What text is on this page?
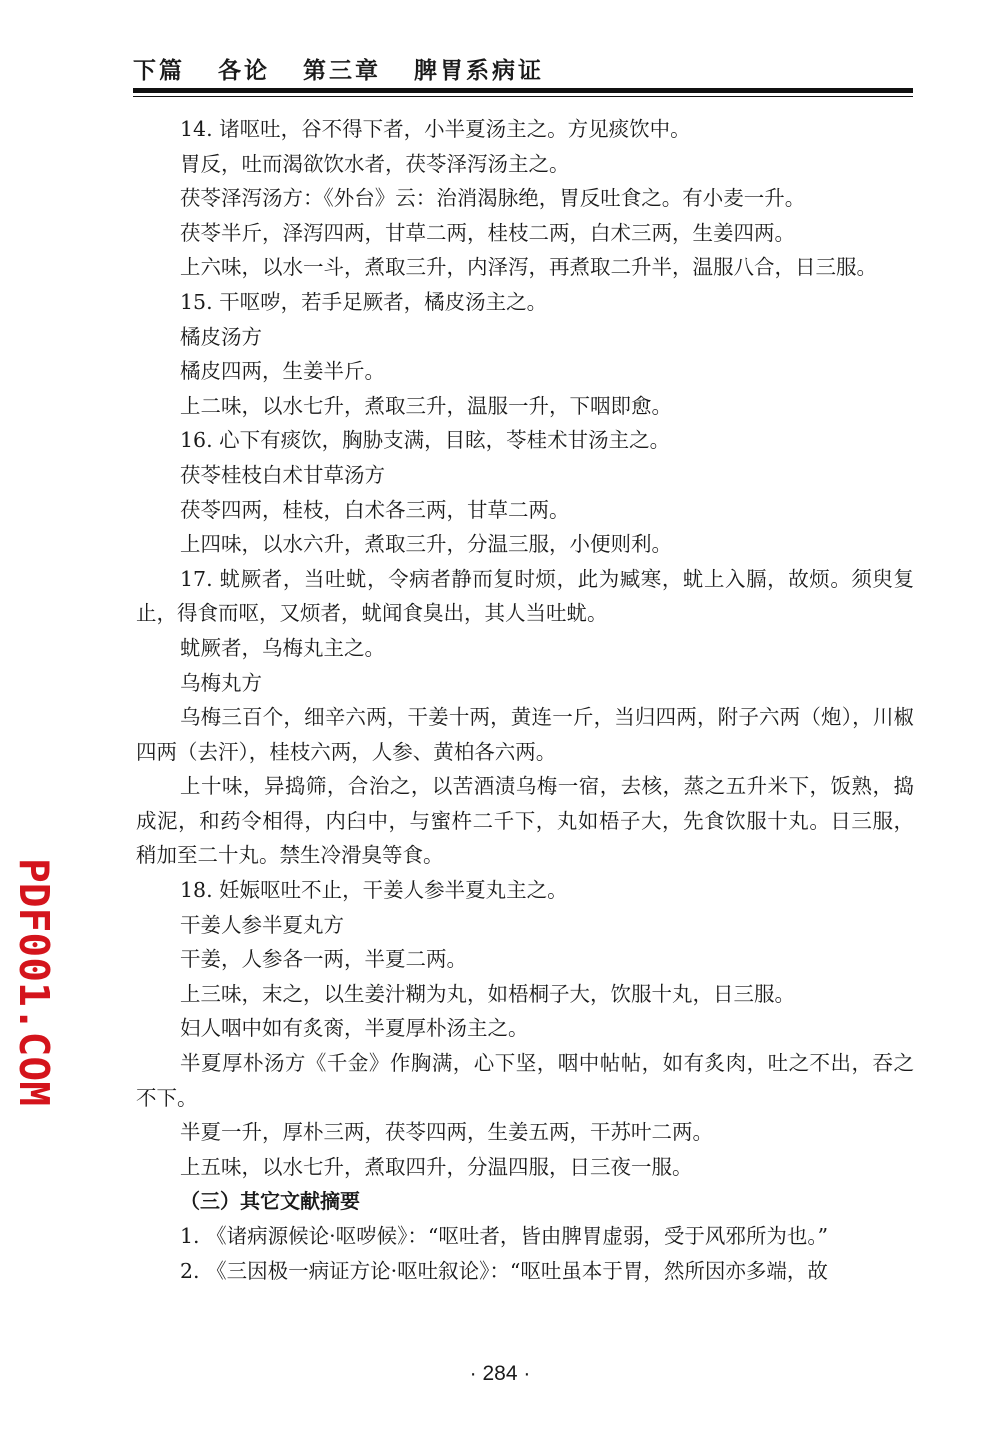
下篇 各论 第三章 脾胃系病证

14. 诸呕吐，谷不得下者，小半夏汤主之。方见痰饮中。

胃反，吐而渴欲饮水者，茯苓泽泻汤主之。

茯苓泽泻汤方：《外台》云：治消渴脉绝，胃反吐食之。有小麦一升。

茯苓半斤，泽泻四两，甘草二两，桂枝二两，白术三两，生姜四两。

上六味，以水一斗，煮取三升，内泽泻，再煮取二升半，温服八合，日三服。

15. 干呕哕，若手足厥者，橘皮汤主之。

橘皮汤方

橘皮四两，生姜半斤。

上二味，以水七升，煮取三升，温服一升，下咽即愈。

16. 心下有痰饮，胸胁支满，目眩，苓桂术甘汤主之。

茯苓桂枝白术甘草汤方

茯苓四两，桂枝，白术各三两，甘草二两。

上四味，以水六升，煮取三升，分温三服，小便则利。

17. 蚘厥者，当吐蚘，令病者静而复时烦，此为臧寒，蚘上入膈，故烦。须臾复止，得食而呕，又烦者，蚘闻食臭出，其人当吐蚘。

蚘厥者，乌梅丸主之。

乌梅丸方

乌梅三百个，细辛六两，干姜十两，黄连一斤，当归四两，附子六两（炮），川椒四两（去汗），桂枝六两，人参、黄柏各六两。

上十味，异捣筛，合治之，以苦酒渍乌梅一宿，去核，蒸之五升米下，饭熟，捣成泥，和药令相得，内臼中，与蜜杵二千下，丸如梧子大，先食饮服十丸。日三服，稍加至二十丸。禁生冷滑臭等食。

18. 妊娠呕吐不止，干姜人参半夏丸主之。

干姜人参半夏丸方

干姜，人参各一两，半夏二两。

上三味，末之，以生姜汁糊为丸，如梧桐子大，饮服十丸，日三服。

妇人咽中如有炙脔，半夏厚朴汤主之。

半夏厚朴汤方《千金》作胸满，心下坚，咽中帖帖，如有炙肉，吐之不出，吞之不下。

半夏一升，厚朴三两，茯苓四两，生姜五两，干苏叶二两。

上五味，以水七升，煮取四升，分温四服，日三夜一服。

（三）其它文献摘要

1. 《诸病源候论·呕哕候》：“呕吐者，皆由脾胃虚弱，受于风邪所为也。”

2. 《三因极一病证方论·呕吐叙论》：“呕吐虽本于胃，然所因亦多端，故

PDF001.COM
· 284 ·
